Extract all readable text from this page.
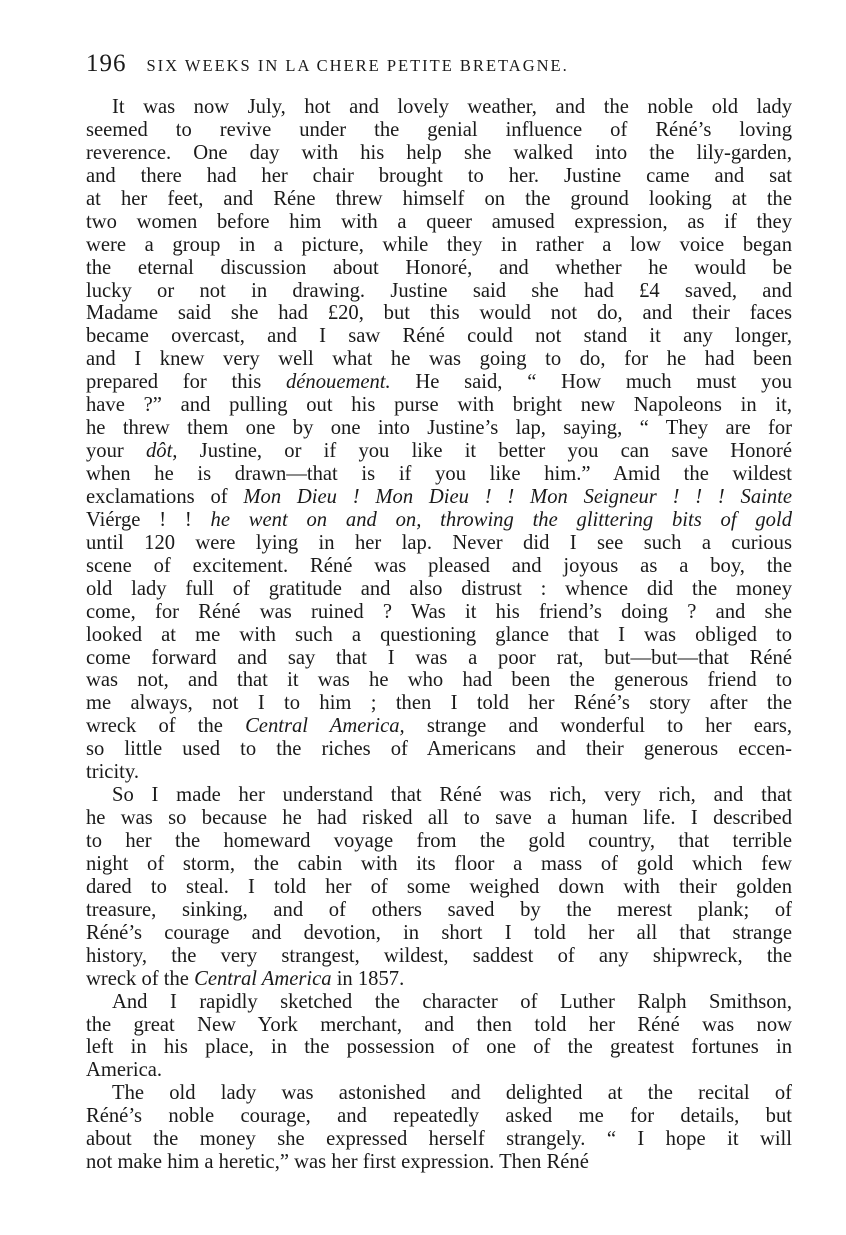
196 SIX WEEKS IN LA CHERE PETITE BRETAGNE.
It was now July, hot and lovely weather, and the noble old lady
seemed to revive under the genial influence of Réné’s loving
reverence. One day with his help she walked into the lily-garden,
and there had her chair brought to her. Justine came and sat
at her feet, and Réne threw himself on the ground looking at the
two women before him with a queer amused expression, as if they
were a group in a picture, while they in rather a low voice began
the eternal discussion about Honoré, and whether he would be
lucky or not in drawing. Justine said she had £4 saved, and
Madame said she had £20, but this would not do, and their faces
became overcast, and I saw Réné could not stand it any longer,
and I knew very well what he was going to do, for he had been
prepared for this dénouement. He said, “ How much must you
have ?” and pulling out his purse with bright new Napoleons in it,
he threw them one by one into Justine’s lap, saying, “ They are for
your dôt, Justine, or if you like it better you can save Honoré
when he is drawn—that is if you like him.” Amid the wildest
exclamations of Mon Dieu ! Mon Dieu ! ! Mon Seigneur ! ! ! Sainte
Viérge ! ! he went on and on, throwing the glittering bits of gold
until 120 were lying in her lap. Never did I see such a curious
scene of excitement. Réné was pleased and joyous as a boy, the
old lady full of gratitude and also distrust : whence did the money
come, for Réné was ruined ? Was it his friend’s doing ? and she
looked at me with such a questioning glance that I was obliged to
come forward and say that I was a poor rat, but—but—that Réné
was not, and that it was he who had been the generous friend to
me always, not I to him ; then I told her Réné’s story after the
wreck of the Central America, strange and wonderful to her ears,
so little used to the riches of Americans and their generous eccen-
tricity.
So I made her understand that Réné was rich, very rich, and that
he was so because he had risked all to save a human life. I described
to her the homeward voyage from the gold country, that terrible
night of storm, the cabin with its floor a mass of gold which few
dared to steal. I told her of some weighed down with their golden
treasure, sinking, and of others saved by the merest plank; of
Réné’s courage and devotion, in short I told her all that strange
history, the very strangest, wildest, saddest of any shipwreck, the
wreck of the Central America in 1857.
And I rapidly sketched the character of Luther Ralph Smithson,
the great New York merchant, and then told her Réné was now
left in his place, in the possession of one of the greatest fortunes in
America.
The old lady was astonished and delighted at the recital of
Réné’s noble courage, and repeatedly asked me for details, but
about the money she expressed herself strangely. “ I hope it will
not make him a heretic,” was her first expression. Then Réné
